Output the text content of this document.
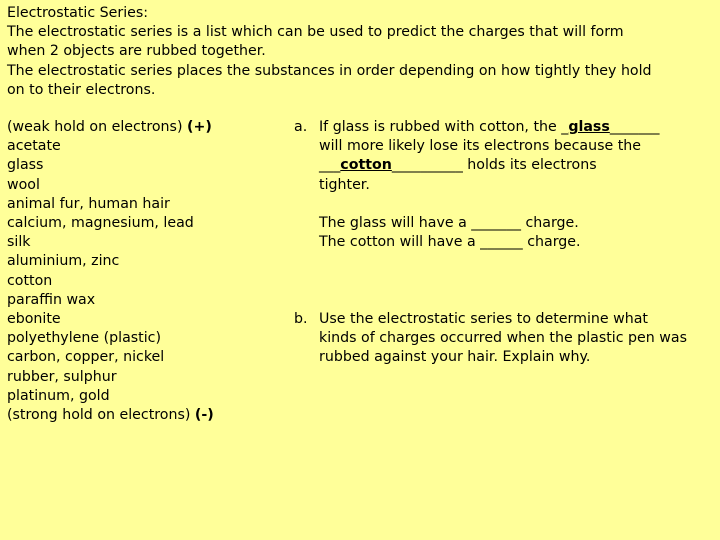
Electrostatic Series:
The electrostatic series is a list which can be used to predict the charges that will form
when 2 objects are rubbed together.
The electrostatic series places the substances in order depending on how tightly they hold
on to their electrons.
(weak hold on electrons) (+)
acetate
glass
wool
animal fur, human hair
calcium, magnesium, lead
silk
aluminium, zinc
cotton
paraffin wax
ebonite
polyethylene (plastic)
carbon, copper, nickel
rubber, sulphur
platinum, gold
(strong hold on electrons) (-)
a. If glass is rubbed with cotton, the _glass_______
will more likely lose its electrons because the
___cotton__________ holds its electrons
tighter.
The glass will have a _______ charge.
The cotton will have a ______ charge.
b. Use the electrostatic series to determine what
kinds of charges occurred when the plastic pen was
rubbed against your hair. Explain why.
